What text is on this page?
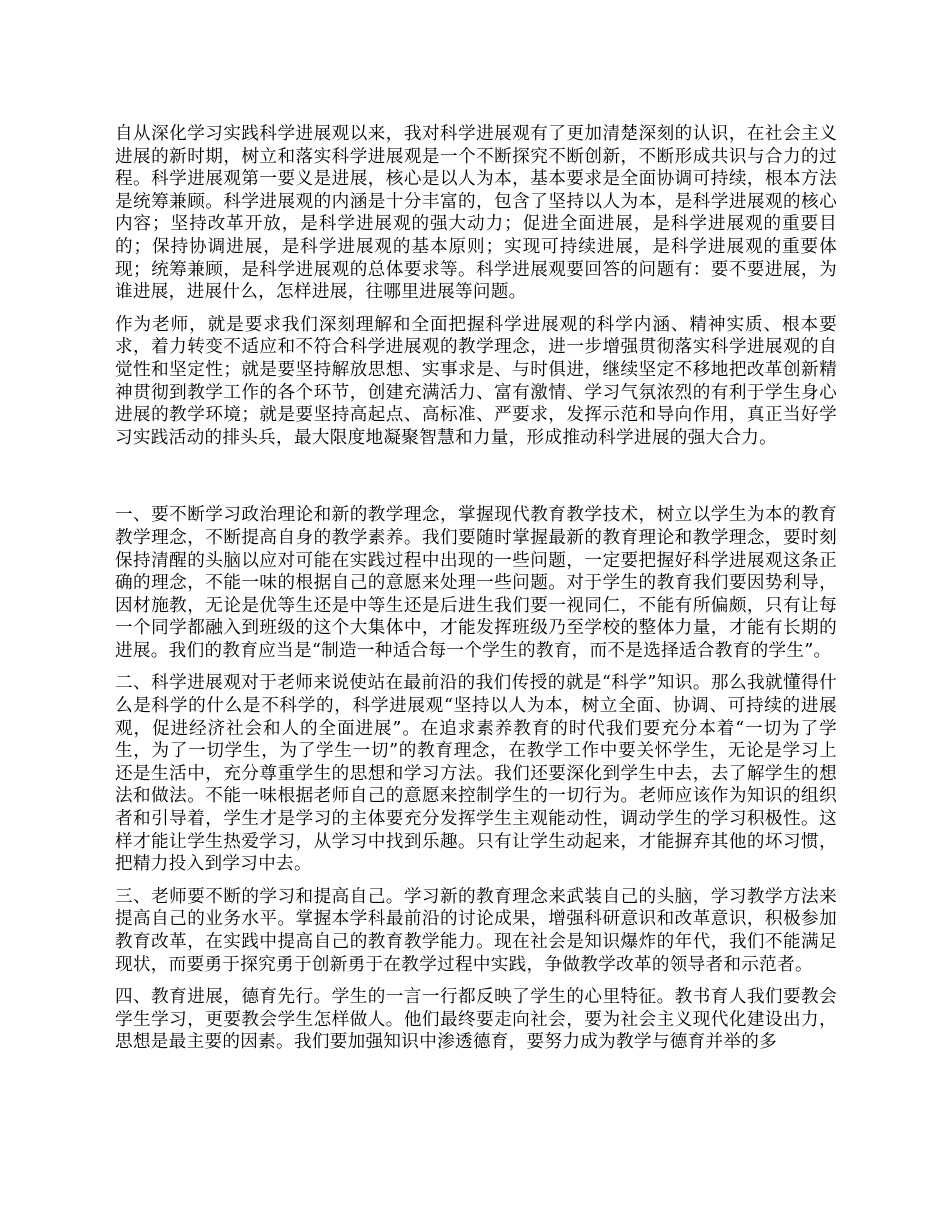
自从深化学习实践科学进展观以来，我对科学进展观有了更加清楚深刻的认识，在社会主义进展的新时期，树立和落实科学进展观是一个不断探究不断创新，不断形成共识与合力的过程。科学进展观第一要义是进展，核心是以人为本，基本要求是全面协调可持续，根本方法是统筹兼顾。科学进展观的内涵是十分丰富的，包含了坚持以人为本，是科学进展观的核心内容；坚持改革开放，是科学进展观的强大动力；促进全面进展，是科学进展观的重要目的；保持协调进展，是科学进展观的基本原则；实现可持续进展，是科学进展观的重要体现；统筹兼顾，是科学进展观的总体要求等。科学进展观要回答的问题有：要不要进展，为谁进展，进展什么，怎样进展，往哪里进展等问题。

作为老师，就是要求我们深刻理解和全面把握科学进展观的科学内涵、精神实质、根本要求，着力转变不适应和不符合科学进展观的教学理念，进一步增强贯彻落实科学进展观的自觉性和坚定性；就是要坚持解放思想、实事求是、与时俱进，继续坚定不移地把改革创新精神贯彻到教学工作的各个环节，创建充满活力、富有激情、学习气氛浓烈的有利于学生身心进展的教学环境；就是要坚持高起点、高标准、严要求，发挥示范和导向作用，真正当好学习实践活动的排头兵，最大限度地凝聚智慧和力量，形成推动科学进展的强大合力。

一、要不断学习政治理论和新的教学理念，掌握现代教育教学技术，树立以学生为本的教育教学理念，不断提高自身的教学素养。我们要随时掌握最新的教育理论和教学理念，要时刻保持清醒的头脑以应对可能在实践过程中出现的一些问题，一定要把握好科学进展观这条正确的理念，不能一味的根据自己的意愿来处理一些问题。对于学生的教育我们要因势利导，因材施教，无论是优等生还是中等生还是后进生我们要一视同仁，不能有所偏颇，只有让每一个同学都融入到班级的这个大集体中，才能发挥班级乃至学校的整体力量，才能有长期的进展。我们的教育应当是“制造一种适合每一个学生的教育，而不是选择适合教育的学生”。

二、科学进展观对于老师来说使站在最前沿的我们传授的就是“科学”知识。那么我就懂得什么是科学的什么是不科学的，科学进展观“坚持以人为本，树立全面、协调、可持续的进展观，促进经济社会和人的全面进展”。在追求素养教育的时代我们要充分本着“一切为了学生，为了一切学生，为了学生一切”的教育理念，在教学工作中要关怀学生，无论是学习上还是生活中，充分尊重学生的思想和学习方法。我们还要深化到学生中去，去了解学生的想法和做法。不能一味根据老师自己的意愿来控制学生的一切行为。老师应该作为知识的组织者和引导着，学生才是学习的主体要充分发挥学生主观能动性，调动学生的学习积极性。这样才能让学生热爱学习，从学习中找到乐趣。只有让学生动起来，才能摒弃其他的坏习惯，把精力投入到学习中去。

三、老师要不断的学习和提高自己。学习新的教育理念来武装自己的头脑，学习教学方法来提高自己的业务水平。掌握本学科最前沿的讨论成果，增强科研意识和改革意识，积极参加教育改革，在实践中提高自己的教育教学能力。现在社会是知识爆炸的年代，我们不能满足现状，而要勇于探究勇于创新勇于在教学过程中实践，争做教学改革的领导者和示范者。

四、教育进展，德育先行。学生的一言一行都反映了学生的心里特征。教书育人我们要教会学生学习，更要教会学生怎样做人。他们最终要走向社会，要为社会主义现代化建设出力，思想是最主要的因素。我们要加强知识中渗透德育，要努力成为教学与德育并举的多
